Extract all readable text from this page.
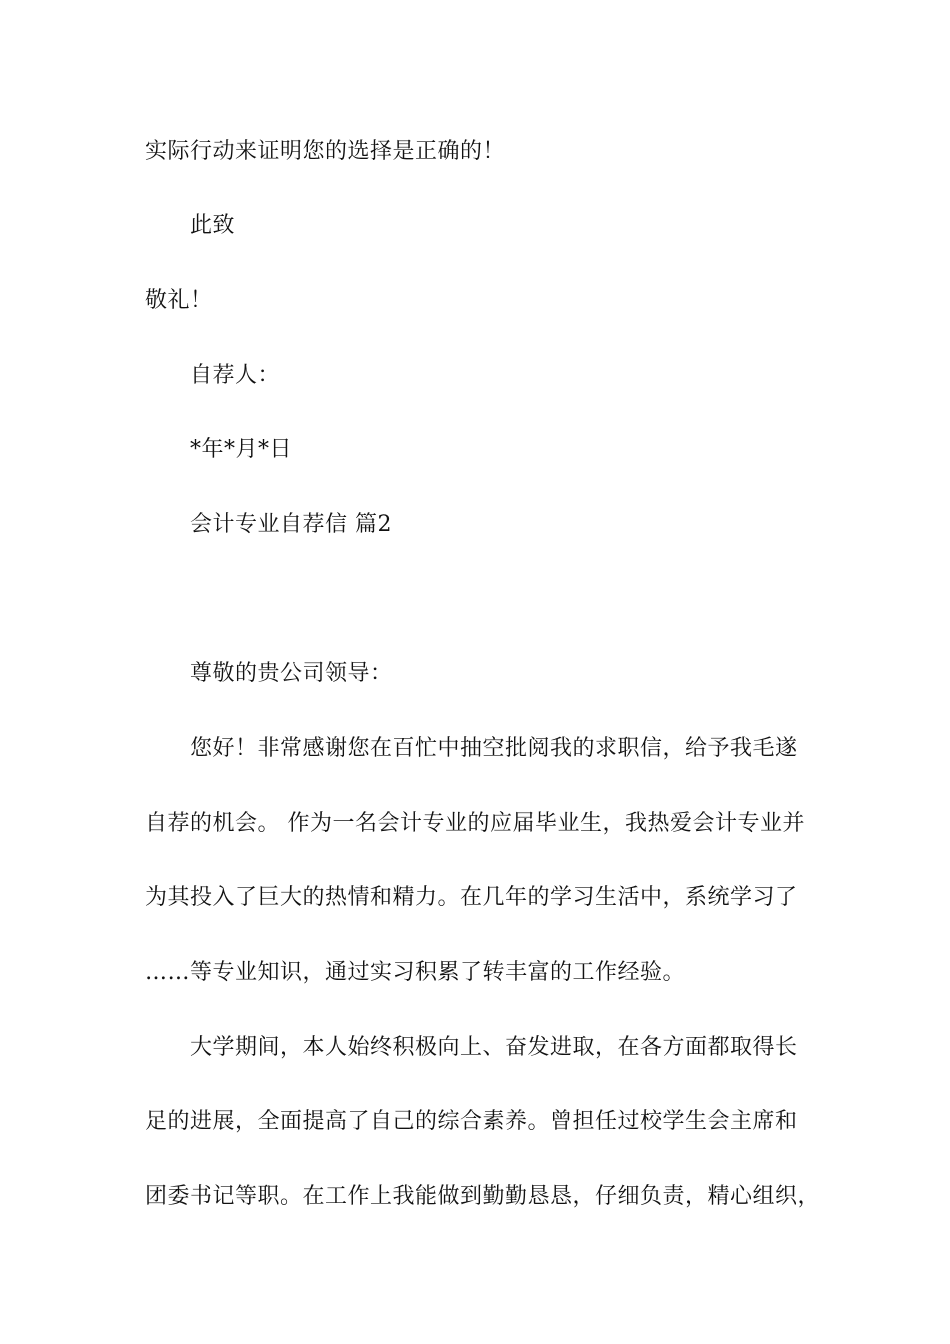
实际行动来证明您的选择是正确的！
此致
敬礼！
自荐人：
*年*月*日
会计专业自荐信 篇2
尊敬的贵公司领导：
您好！非常感谢您在百忙中抽空批阅我的求职信，给予我毛遂
自荐的机会。 作为一名会计专业的应届毕业生，我热爱会计专业并
为其投入了巨大的热情和精力。在几年的学习生活中，系统学习了
……等专业知识，通过实习积累了转丰富的工作经验。
大学期间，本人始终积极向上、奋发进取，在各方面都取得长
足的进展，全面提高了自己的综合素养。曾担任过校学生会主席和
团委书记等职。在工作上我能做到勤勤恳恳，仔细负责，精心组织，
